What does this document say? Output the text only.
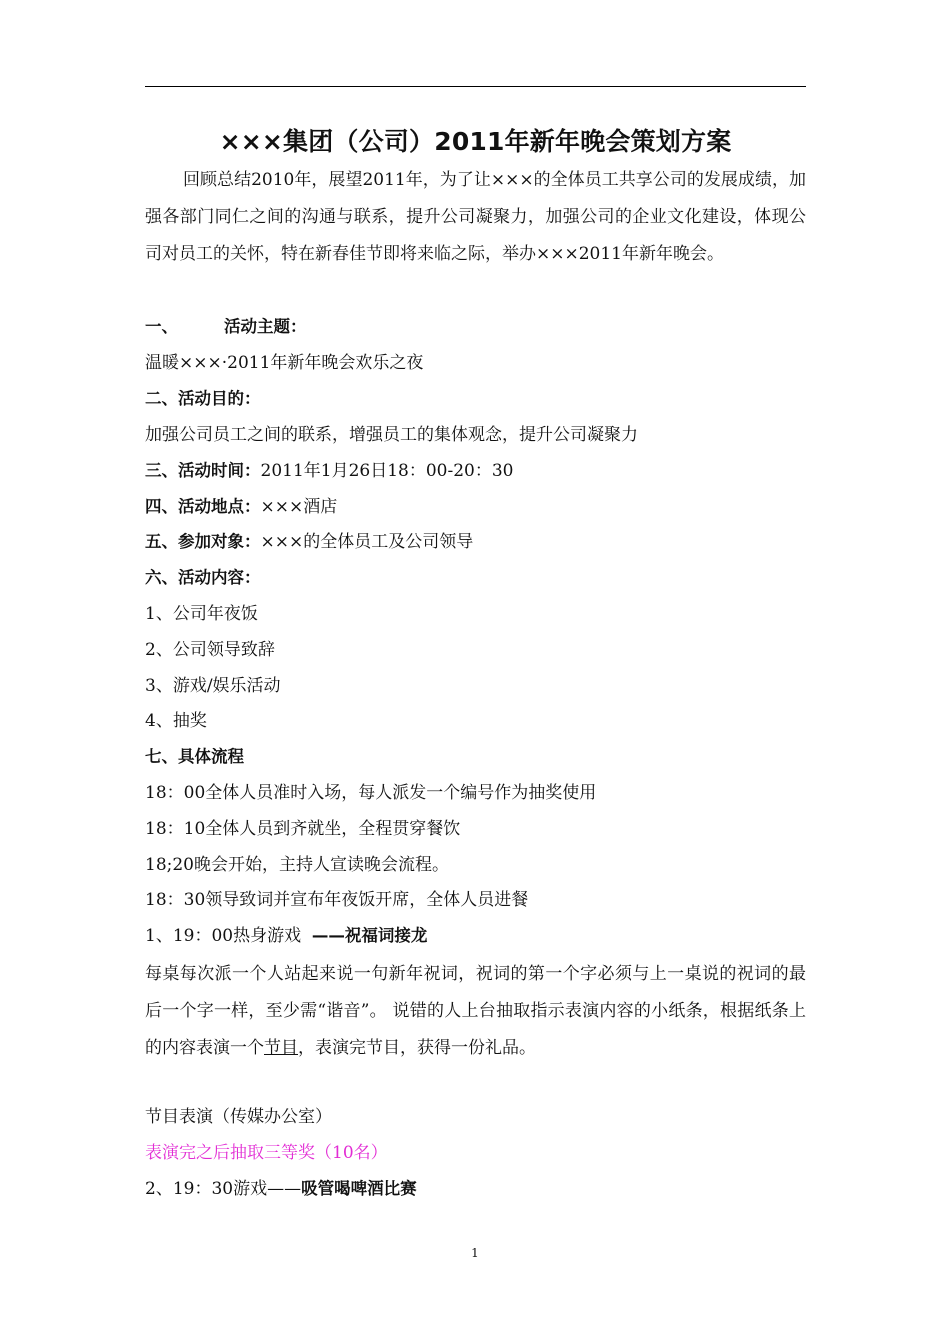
×××集团（公司）2011年新年晚会策划方案
回顾总结2010年，展望2011年，为了让×××的全体员工共享公司的发展成绩，加强各部门同仁之间的沟通与联系，提升公司凝聚力，加强公司的企业文化建设，体现公司对员工的关怀，特在新春佳节即将来临之际，举办×××2011年新年晚会。
一、	活动主题：
温暖×××·2011年新年晚会欢乐之夜
二、活动目的：
加强公司员工之间的联系，增强员工的集体观念，提升公司凝聚力
三、活动时间：2011年1月26日18：00-20：30
四、活动地点：×××酒店
五、参加对象：×××的全体员工及公司领导
六、活动内容：
1、公司年夜饭
2、公司领导致辞
3、游戏/娱乐活动
4、抽奖
七、具体流程
18：00全体人员准时入场，每人派发一个编号作为抽奖使用
18：10全体人员到齐就坐，全程贯穿餐饮
18;20晚会开始，主持人宣读晚会流程。
18：30领导致词并宣布年夜饭开席，全体人员进餐
1、19：00热身游戏  ——祝福词接龙
每桌每次派一个人站起来说一句新年祝词，祝词的第一个字必须与上一桌说的祝词的最后一个字一样，至少需“谐音”。 说错的人上台抽取指示表演内容的小纸条，根据纸条上的内容表演一个节目，表演完节目，获得一份礼品。
节目表演（传媒办公室）
表演完之后抽取三等奖（10名）
2、19：30游戏——吸管喝啤酒比赛
1
